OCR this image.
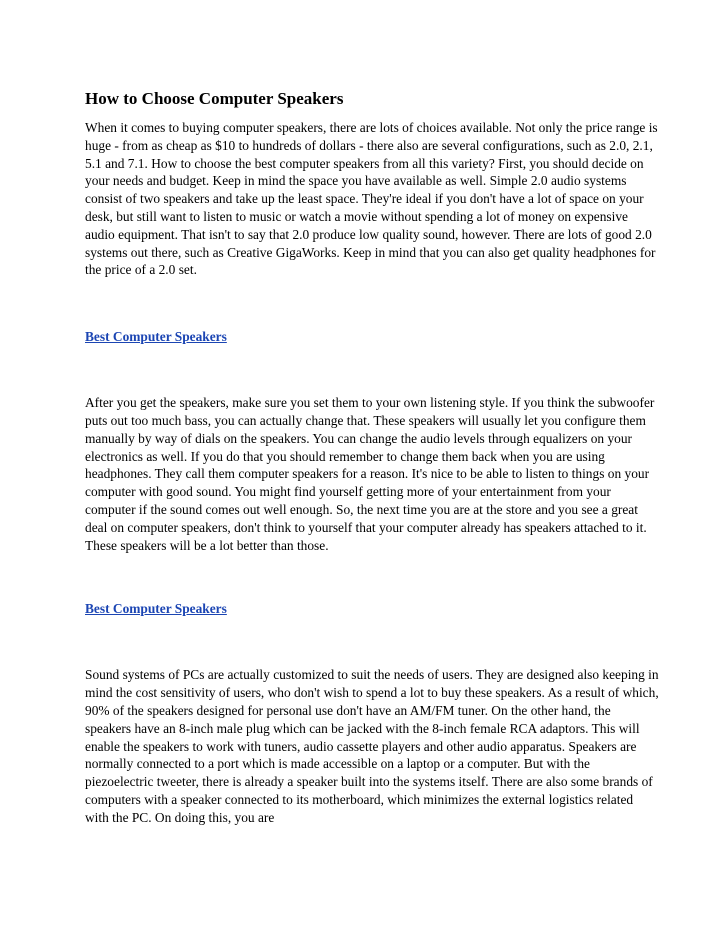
How to Choose Computer Speakers

When it comes to buying computer speakers, there are lots of choices available. Not only the price range is huge - from as cheap as $10 to hundreds of dollars - there also are several configurations, such as 2.0, 2.1, 5.1 and 7.1. How to choose the best computer speakers from all this variety? First, you should decide on your needs and budget. Keep in mind the space you have available as well. Simple 2.0 audio systems consist of two speakers and take up the least space. They're ideal if you don't have a lot of space on your desk, but still want to listen to music or watch a movie without spending a lot of money on expensive audio equipment. That isn't to say that 2.0 produce low quality sound, however. There are lots of good 2.0 systems out there, such as Creative GigaWorks. Keep in mind that you can also get quality headphones for the price of a 2.0 set.

Best Computer Speakers

After you get the speakers, make sure you set them to your own listening style. If you think the subwoofer puts out too much bass, you can actually change that. These speakers will usually let you configure them manually by way of dials on the speakers. You can change the audio levels through equalizers on your electronics as well. If you do that you should remember to change them back when you are using headphones. They call them computer speakers for a reason. It's nice to be able to listen to things on your computer with good sound. You might find yourself getting more of your entertainment from your computer if the sound comes out well enough. So, the next time you are at the store and you see a great deal on computer speakers, don't think to yourself that your computer already has speakers attached to it. These speakers will be a lot better than those.

Best Computer Speakers

Sound systems of PCs are actually customized to suit the needs of users. They are designed also keeping in mind the cost sensitivity of users, who don't wish to spend a lot to buy these speakers. As a result of which, 90% of the speakers designed for personal use don't have an AM/FM tuner. On the other hand, the speakers have an 8-inch male plug which can be jacked with the 8-inch female RCA adaptors. This will enable the speakers to work with tuners, audio cassette players and other audio apparatus. Speakers are normally connected to a port which is made accessible on a laptop or a computer. But with the piezoelectric tweeter, there is already a speaker built into the systems itself. There are also some brands of computers with a speaker connected to its motherboard, which minimizes the external logistics related with the PC. On doing this, you are
